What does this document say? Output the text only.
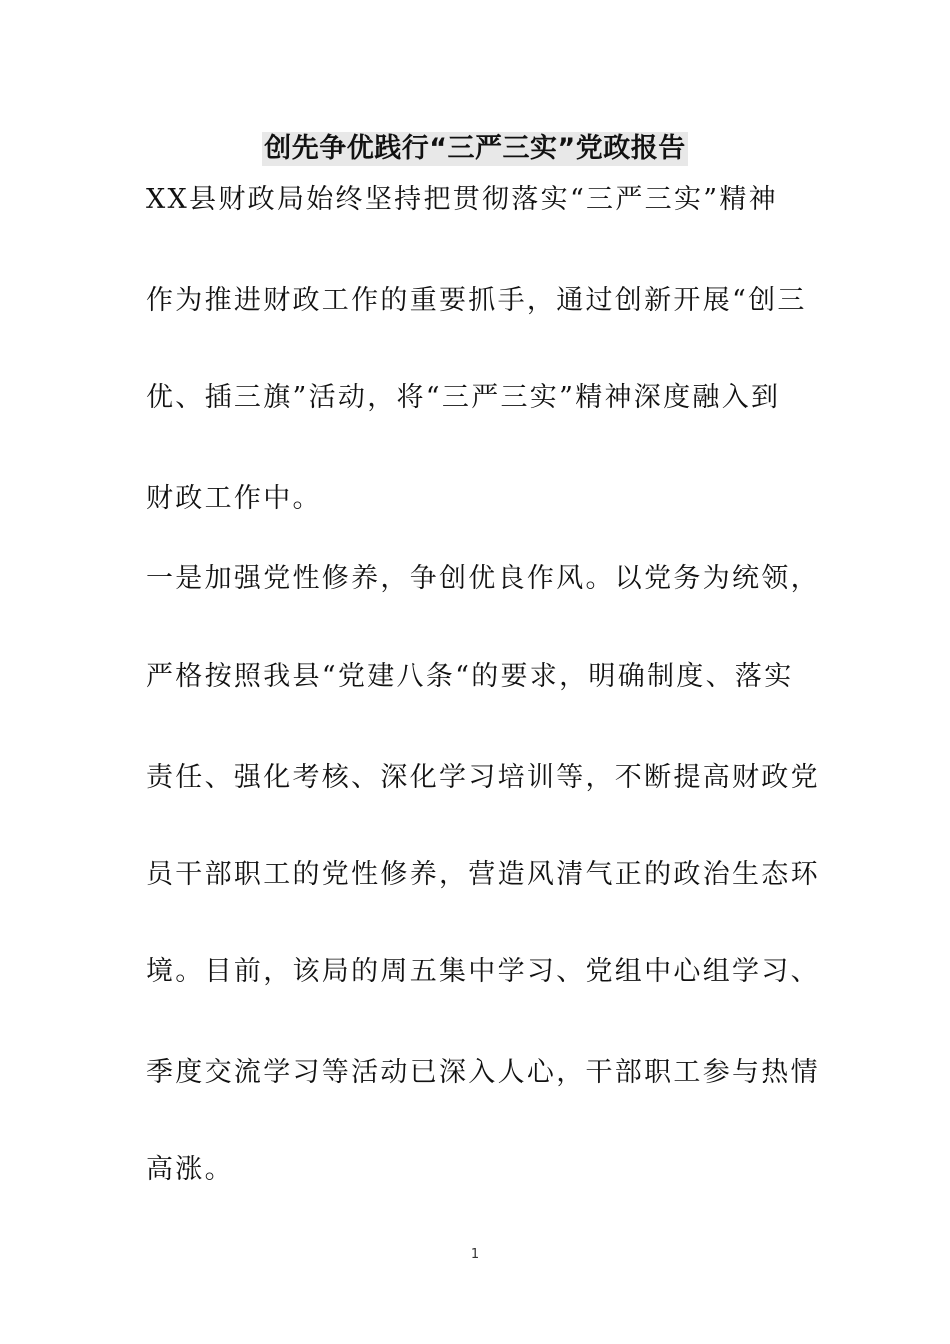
创先争优践行“三严三实”党政报告
XX县财政局始终坚持把贯彻落实“三严三实”精神
作为推进财政工作的重要抓手，通过创新开展“创三
优、插三旗”活动，将“三严三实”精神深度融入到
财政工作中。
一是加强党性修养，争创优良作风。以党务为统领，
严格按照我县“党建八条“的要求，明确制度、落实
责任、强化考核、深化学习培训等，不断提高财政党
员干部职工的党性修养，营造风清气正的政治生态环
境。目前，该局的周五集中学习、党组中心组学习、
季度交流学习等活动已深入人心，干部职工参与热情
高涨。
1
